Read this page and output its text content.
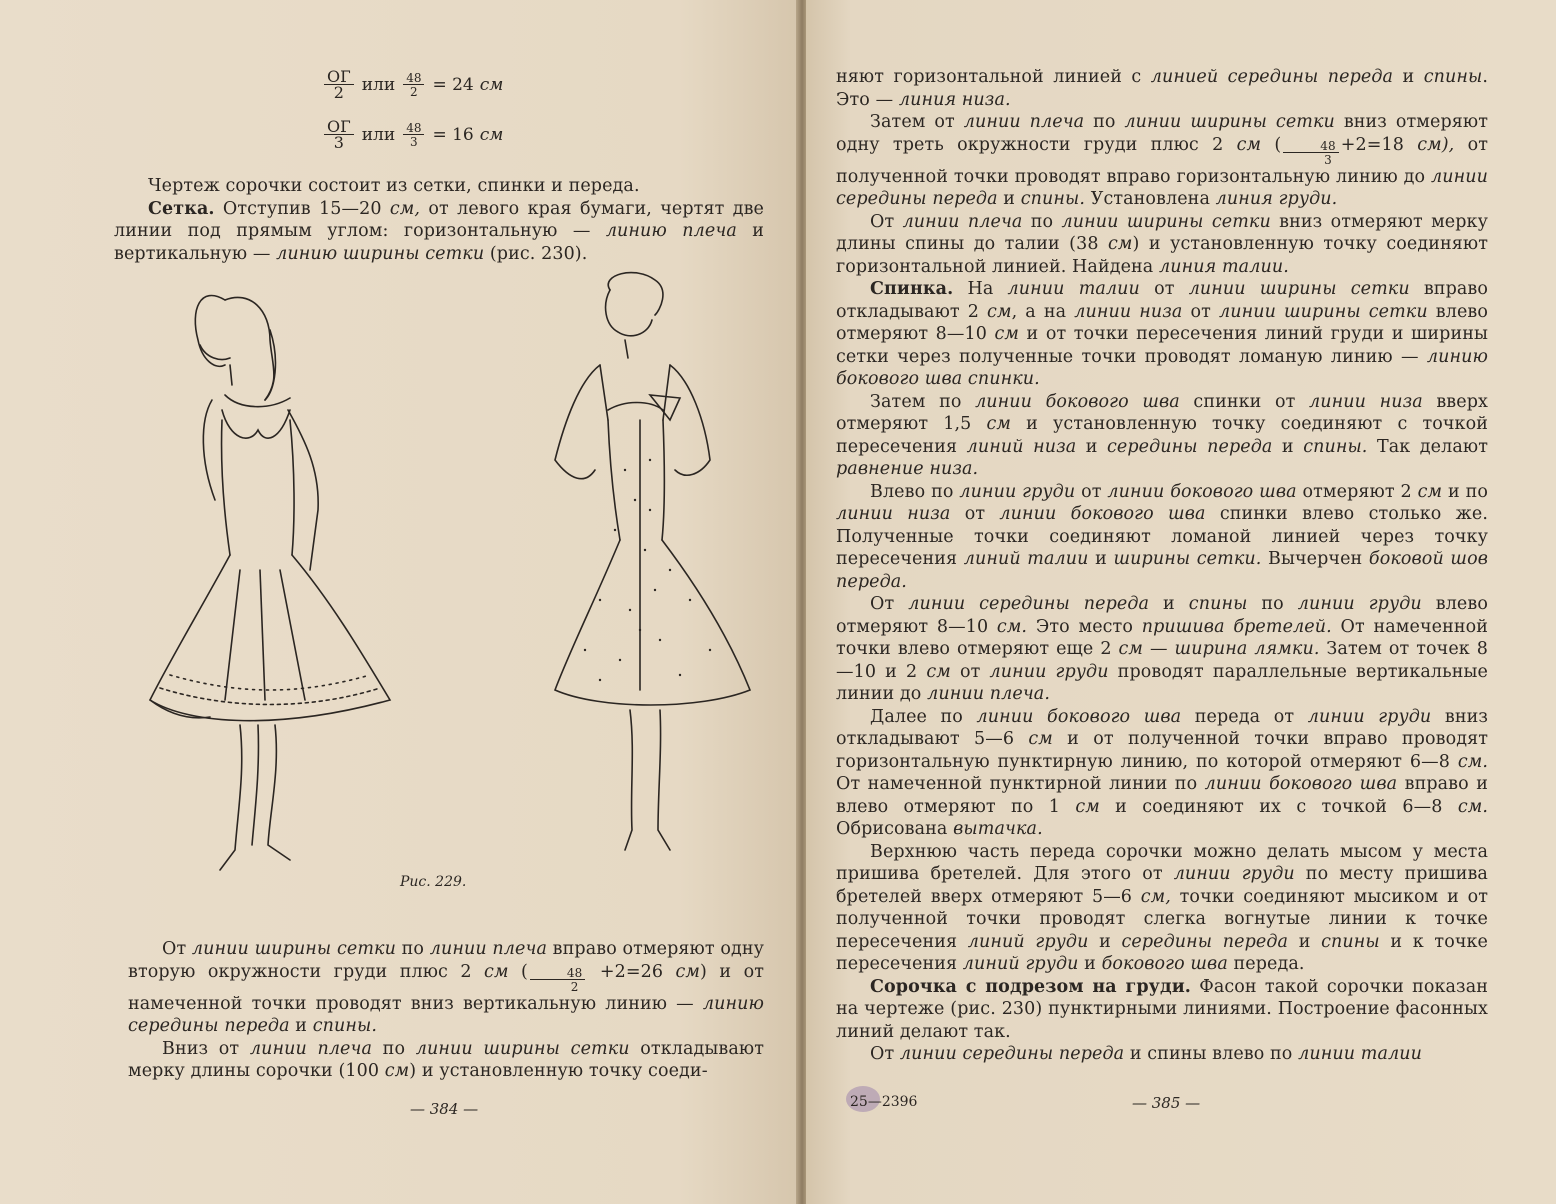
$\frac{ОГ}{2}$ или $\frac{48}{2} = 24$ см
$\frac{ОГ}{3}$ или $\frac{48}{3} = 16$ см

Чертеж сорочки состоит из сетки, спинки и переда.

Сетка. Отступив 15—20 см, от левого края бумаги, чертят две линии под прямым углом: горизонтальную — линию плеча и вертикальную — линию ширины сетки (рис. 230).

Рис. 229.

От линии ширины сетки по линии плеча вправо отмеряют одну вторую окружности груди плюс 2 см ( $\frac{48}{2} +2=26$ см) и от намеченной точки проводят вниз вертикальную линию — линию середины переда и спины.

Вниз от линии плеча по линии ширины сетки откладывают мерку длины сорочки (100 см) и установленную точку соеди-

— 384 —

няют горизонтальной линией с линией середины переда и спины. Это — линия низа.

Затем от линии плеча по линии ширины сетки вниз отмеряют одну треть окружности груди плюс 2 см ( $\frac{48}{3} +2=18$ см), от полученной точки проводят вправо горизонтальную линию до линии середины переда и спины. Установлена линия груди.

От линии плеча по линии ширины сетки вниз отмеряют мерку длины спины до талии (38 см) и установленную точку соединяют горизонтальной линией. Найдена линия талии.

Спинка. На линии талии от линии ширины сетки вправо откладывают 2 см, а на линии низа от линии ширины сетки влево отмеряют 8—10 см и от точки пересечения линий груди и ширины сетки через полученные точки проводят ломаную линию — линию бокового шва спинки.

Затем по линии бокового шва спинки от линии низа вверх отмеряют 1,5 см и установленную точку соединяют с точкой пересечения линий низа и середины переда и спины. Так делают равнение низа.

Влево по линии груди от линии бокового шва отмеряют 2 см и по линии низа от линии бокового шва спинки влево столько же. Полученные точки соединяют ломаной линией через точку пересечения линий талии и ширины сетки. Вычерчен боковой шов переда.

От линии середины переда и спины по линии груди влево отмеряют 8—10 см. Это место пришива бретелей. От намеченной точки влево отмеряют еще 2 см — ширина лямки. Затем от точек 8—10 и 2 см от линии груди проводят параллельные вертикальные линии до линии плеча.

Далее по линии бокового шва переда от линии груди вниз откладывают 5—6 см и от полученной точки вправо проводят горизонтальную пунктирную линию, по которой отмеряют 6—8 см. От намеченной пунктирной линии по линии бокового шва вправо и влево отмеряют по 1 см и соединяют их с точкой 6—8 см. Обрисована вытачка.

Верхнюю часть переда сорочки можно делать мысом у места пришива бретелей. Для этого от линии груди по месту пришива бретелей вверх отмеряют 5—6 см, точки соединяют мысиком и от полученной точки проводят слегка вогнутые линии к точке пересечения линий груди и середины переда и спины и к точке пересечения линий груди и бокового шва переда.

Сорочка с подрезом на груди. Фасон такой сорочки показан на чертеже (рис. 230) пунктирными линиями. Построение фасонных линий делают так.

От линии середины переда и спины влево по линии талии

25—2396	— 385 —
